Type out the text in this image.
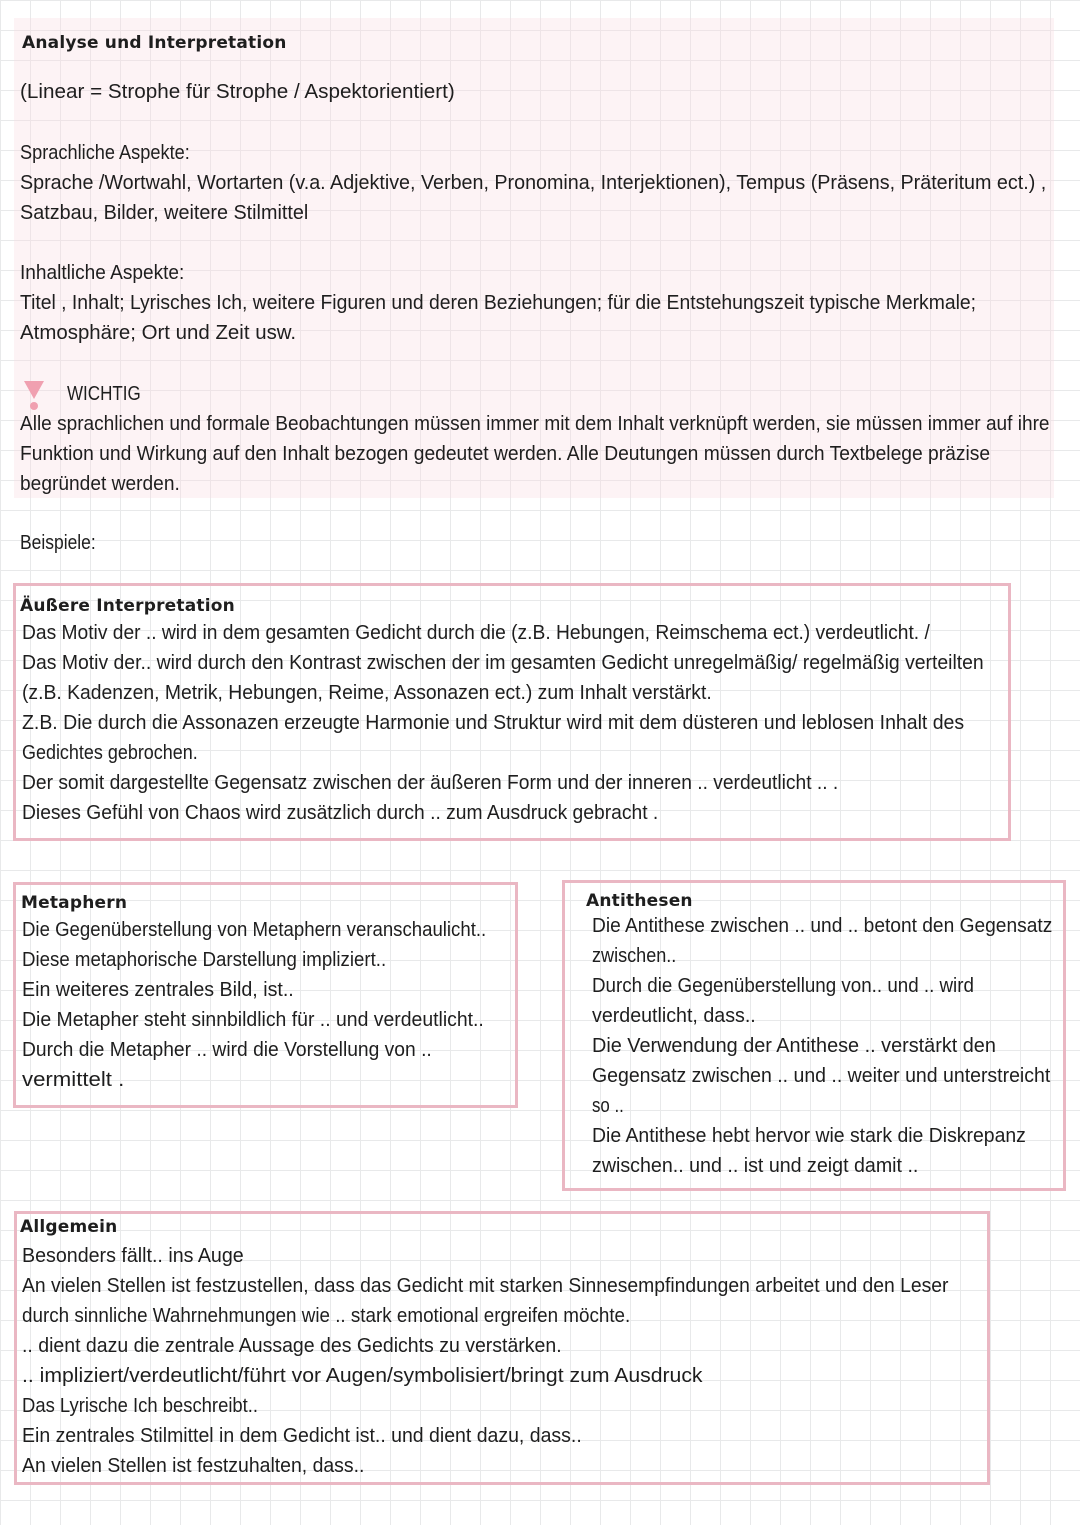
Analyse und Interpretation
(Linear = Strophe für Strophe / Aspektorientiert)
Sprachliche Aspekte:
Sprache /Wortwahl, Wortarten (v.a. Adjektive, Verben, Pronomina, Interjektionen), Tempus (Präsens, Präteritum ect.) ,
Satzbau, Bilder, weitere Stilmittel
Inhaltliche Aspekte:
Titel , Inhalt; Lyrisches Ich, weitere Figuren und deren Beziehungen; für die Entstehungszeit typische Merkmale;
Atmosphäre; Ort und Zeit usw.
WICHTIG
Alle sprachlichen und formale Beobachtungen müssen immer mit dem Inhalt verknüpft werden, sie müssen immer auf ihre
Funktion und Wirkung auf den Inhalt bezogen gedeutet werden. Alle Deutungen müssen durch Textbelege präzise
begründet werden.
Beispiele:
Äußere Interpretation
Das Motiv der .. wird in dem gesamten Gedicht durch die (z.B. Hebungen, Reimschema ect.) verdeutlicht. /
Das Motiv der.. wird durch den Kontrast zwischen der im gesamten Gedicht unregelmäßig/ regelmäßig verteilten
(z.B. Kadenzen, Metrik, Hebungen, Reime, Assonazen ect.) zum Inhalt verstärkt.
Z.B. Die durch die Assonazen erzeugte Harmonie und Struktur wird mit dem düsteren und leblosen Inhalt des
Gedichtes gebrochen.
Der somit dargestellte Gegensatz zwischen der äußeren Form und der inneren .. verdeutlicht .. .
Dieses Gefühl von Chaos wird zusätzlich durch .. zum Ausdruck gebracht .
Metaphern
Die Gegenüberstellung von Metaphern veranschaulicht..
Diese metaphorische Darstellung impliziert..
Ein weiteres zentrales Bild, ist..
Die Metapher steht sinnbildlich für .. und verdeutlicht..
Durch die Metapher .. wird die Vorstellung von ..
vermittelt .
Antithesen
Die Antithese zwischen .. und .. betont den Gegensatz
zwischen..
Durch die Gegenüberstellung von.. und .. wird
verdeutlicht, dass..
Die Verwendung der Antithese .. verstärkt den
Gegensatz zwischen .. und .. weiter und unterstreicht
so ..
Die Antithese hebt hervor wie stark die Diskrepanz
zwischen.. und .. ist und zeigt damit ..
Allgemein
Besonders fällt.. ins Auge
An vielen Stellen ist festzustellen, dass das Gedicht mit starken Sinnesempfindungen arbeitet und den Leser
durch sinnliche Wahrnehmungen wie .. stark emotional ergreifen möchte.
.. dient dazu die zentrale Aussage des Gedichts zu verstärken.
.. impliziert/verdeutlicht/führt vor Augen/symbolisiert/bringt zum Ausdruck
Das Lyrische Ich beschreibt..
Ein zentrales Stilmittel in dem Gedicht ist.. und dient dazu, dass..
An vielen Stellen ist festzuhalten, dass..
